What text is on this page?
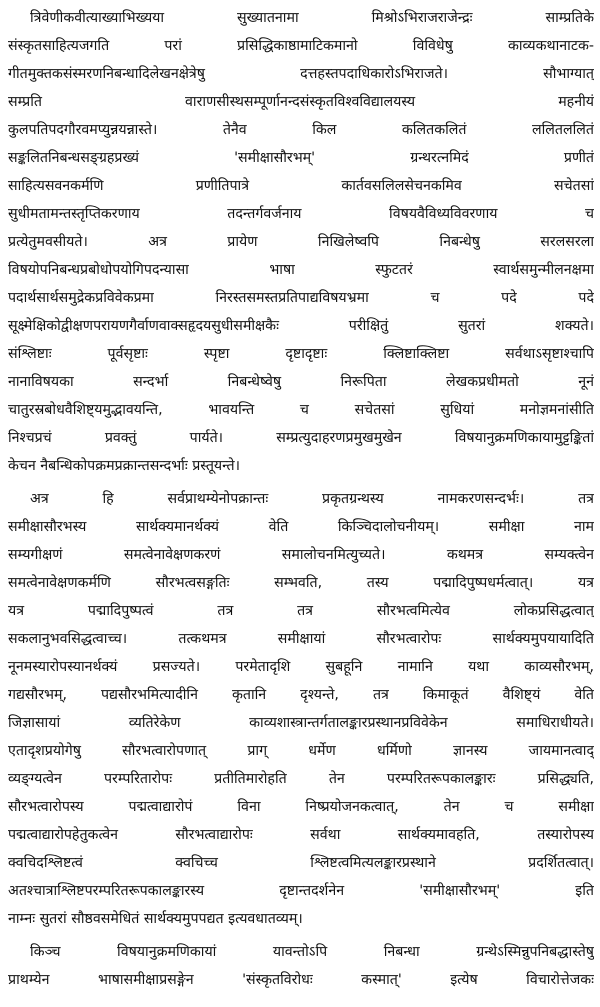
त्रिवेणीकवीत्याख्याभिख्यया सुख्यातनामा मिश्रोऽभिराजराजेन्द्रः साम्प्रतिके
संस्कृतसाहित्यजगति परां प्रसिद्धिकाष्ठामाटिकमानो विविधेषु काव्यकथानाटक-
गीतमुक्तकसंस्मरणनिबन्धादिलेखनक्षेत्रेषु दत्तहस्तपदाधिकारोऽभिराजते। सौभाग्यात्
सम्प्रति वाराणसीस्थसम्पूर्णानन्दसंस्कृतविश्वविद्यालयस्य महनीयं
कुलपतिपदगौरवमप्युन्नयन्नास्ते। तेनैव किल कलितकलितं ललितललितं
सङ्कलितनिबन्धसङ्ग्रहप्रख्यं 'समीक्षासौरभम्' ग्रन्थरत्नमिदं प्रणीतं
साहित्यसवनकर्मणि प्रणीतिपात्रे कार्तवसलिलसेचनकमिव सचेतसां
सुधीमतामन्तस्तृप्तिकरणाय तदन्तर्गवर्जनाय विषयवैविध्यविवरणाय च
प्रत्येतुमवसीयते। अत्र प्रायेण निखिलेष्वपि निबन्धेषु सरलसरला
विषयोपनिबन्धप्रबोधोपयोगिपदन्यासा भाषा स्फुटतरं स्वार्थसमुन्मीलनक्षमा
पदार्थसार्थसमुद्रेकप्रविवेकप्रमा निरस्तसमस्तप्रतिपाद्यविषयभ्रमा च पदे पदे
सूक्ष्मेक्षिकोद्वीक्षणपरायणगैर्वाणवाक्सहृदयसुधीसमीक्षकैः परीक्षितुं सुतरां शक्यते।
संश्लिष्टाः पूर्वसृष्टाः स्पृष्टा दृष्टादृष्टाः क्लिष्टाक्लिष्टा सर्वथाऽसृष्टाश्चापि
नानाविषयका सन्दर्भा निबन्धेष्वेषु निरूपिता लेखकप्रधीमतो नूनं
चातुरस्रबोधवैशिष्ट्यमुद्भावयन्ति, भावयन्ति च सचेतसां सुधियां मनोज्ञमनांसीति
निश्चप्रचं प्रवक्तुं पार्यते। सम्प्रत्युदाहरणप्रमुखमुखेन विषयानुक्रमणिकायामुट्टङ्कितां
केचन नैबन्धिकोपक्रमप्रक्रान्तसन्दर्भाः प्रस्तूयन्ते।
अत्र हि सर्वप्राथम्येनोपक्रान्तः प्रकृतग्रन्थस्य नामकरणसन्दर्भः। तत्र
समीक्षासौरभस्य सार्थक्यमानर्थक्यं वेति किञ्चिदालोचनीयम्। समीक्षा नाम
सम्यगीक्षणं समत्वेनावेक्षणकरणं समालोचनमित्युच्यते। कथमत्र सम्यक्त्वेन
समत्वेनावेक्षणकर्मणि सौरभत्वसङ्गतिः सम्भवति, तस्य पद्मादिपुष्पधर्मत्वात्। यत्र
यत्र पद्मादिपुष्पत्वं तत्र तत्र सौरभत्वमित्येव लोकप्रसिद्धत्वात्
सकलानुभवसिद्धत्वाच्च। तत्कथमत्र समीक्षायां सौरभत्वारोपः सार्थक्यमुपयायादिति
नूनमस्यारोपस्यानर्थक्यं प्रसज्यते। परमेतादृशि सुबहूनि नामानि यथा काव्यसौरभम्,
गद्यसौरभम्, पद्यसौरभमित्यादीनि कृतानि दृश्यन्ते, तत्र किमाकूतं वैशिष्ट्यं वेति
जिज्ञासायां व्यतिरेकेण काव्यशास्त्रान्तर्गतालङ्कारप्रस्थानप्रविवेकेन समाधिराधीयते।
एतादृशप्रयोगेषु सौरभत्वारोपणात् प्राग् धर्मेण धर्मिणो ज्ञानस्य जायमानत्वाद्
व्यङ्ग्यत्वेन परम्परितारोपः प्रतीतिमारोहति तेन परम्परितरूपकालङ्कारः प्रसिद्ध्यति,
सौरभत्वारोपस्य पद्मत्वाद्यारोपं विना निष्प्रयोजनकत्वात्, तेन च समीक्षा
पद्मत्वाद्यारोपहेतुकत्वेन सौरभत्वाद्यारोपः सर्वथा सार्थक्यमावहति, तस्यारोपस्य
क्वचिदश्लिष्टत्वं क्वचिच्च श्लिष्टत्वमित्यलङ्कारप्रस्थाने प्रदर्शितत्वात्।
अतश्चात्राश्लिष्टपरम्परितरूपकालङ्कारस्य दृष्टान्तदर्शनेन 'समीक्षासौरभम्' इति
नाम्नः सुतरां सौष्ठवसमेधितं सार्थक्यमुपपद्यत इत्यवधातव्यम्।
किञ्च विषयानुक्रमणिकायां यावन्तोऽपि निबन्धा ग्रन्थेऽस्मिन्नुपनिबद्धास्तेषु
प्राथम्येन भाषासमीक्षाप्रसङ्गेन 'संस्कृतविरोधः कस्मात्' इत्येष विचारोत्तेजकः
